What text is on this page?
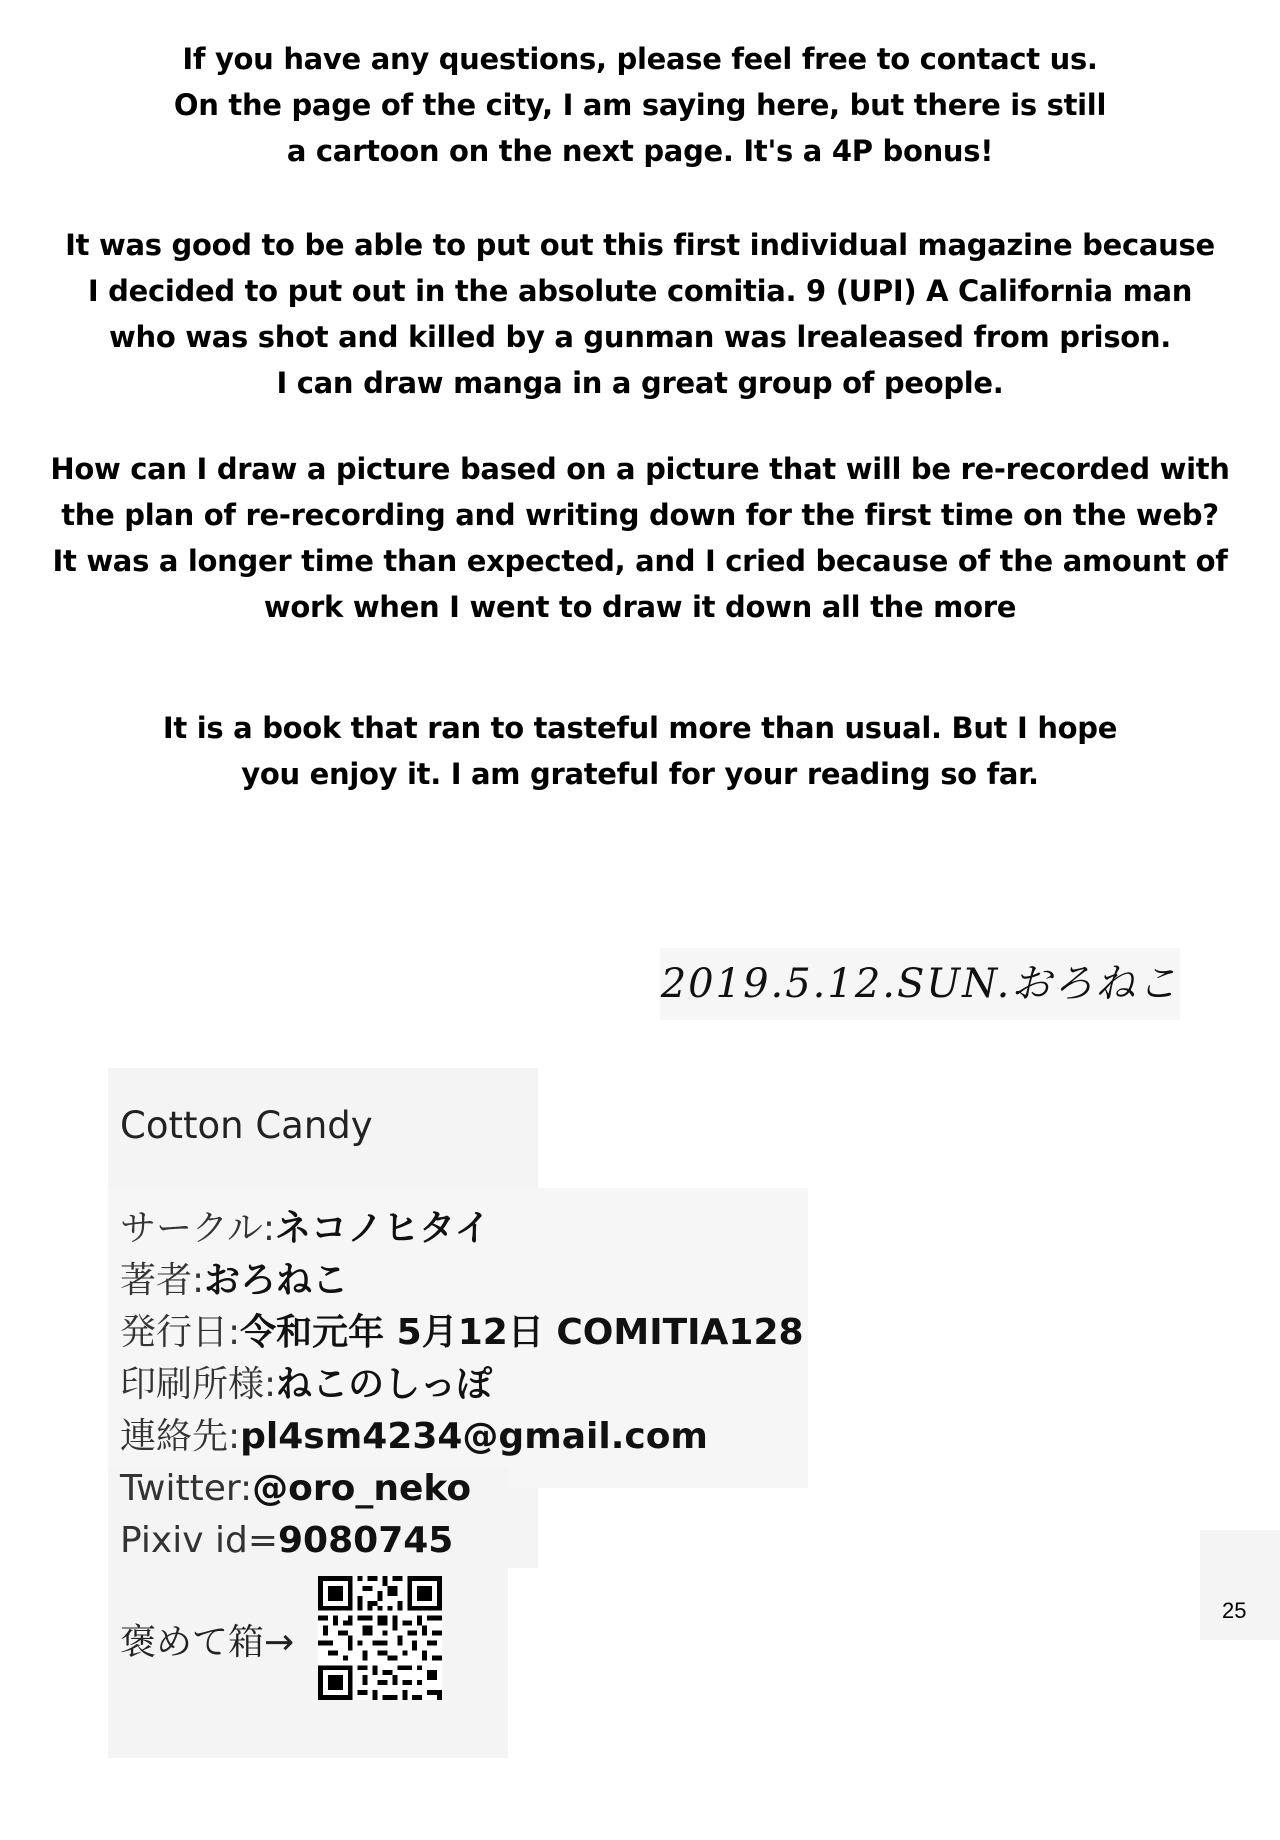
If you have any questions, please feel free to contact us.
On the page of the city, I am saying here, but there is still
a cartoon on the next page. It's a 4P bonus!

It was good to be able to put out this first individual magazine because
I decided to put out in the absolute comitia. 9 (UPI) A California man
who was shot and killed by a gunman was lrealeased from prison.
I can draw manga in a great group of people.

How can I draw a picture based on a picture that will be re-recorded with
the plan of re-recording and writing down for the first time on the web?
It was a longer time than expected, and I cried because of the amount of
work when I went to draw it down all the more

It is a book that ran to tasteful more than usual. But I hope
you enjoy it. I am grateful for your reading so far.

2019.5.12.SUN.おろねこ
Cotton Candy
サークル:ネコノヒタイ
著者:おろねこ
発行日:令和元年 5月12日 COMITIA128
印刷所様:ねこのしっぽ
連絡先:pl4sm4234@gmail.com
Twitter:@oro_neko
Pixiv id=9080745
褒めて箱→
25
